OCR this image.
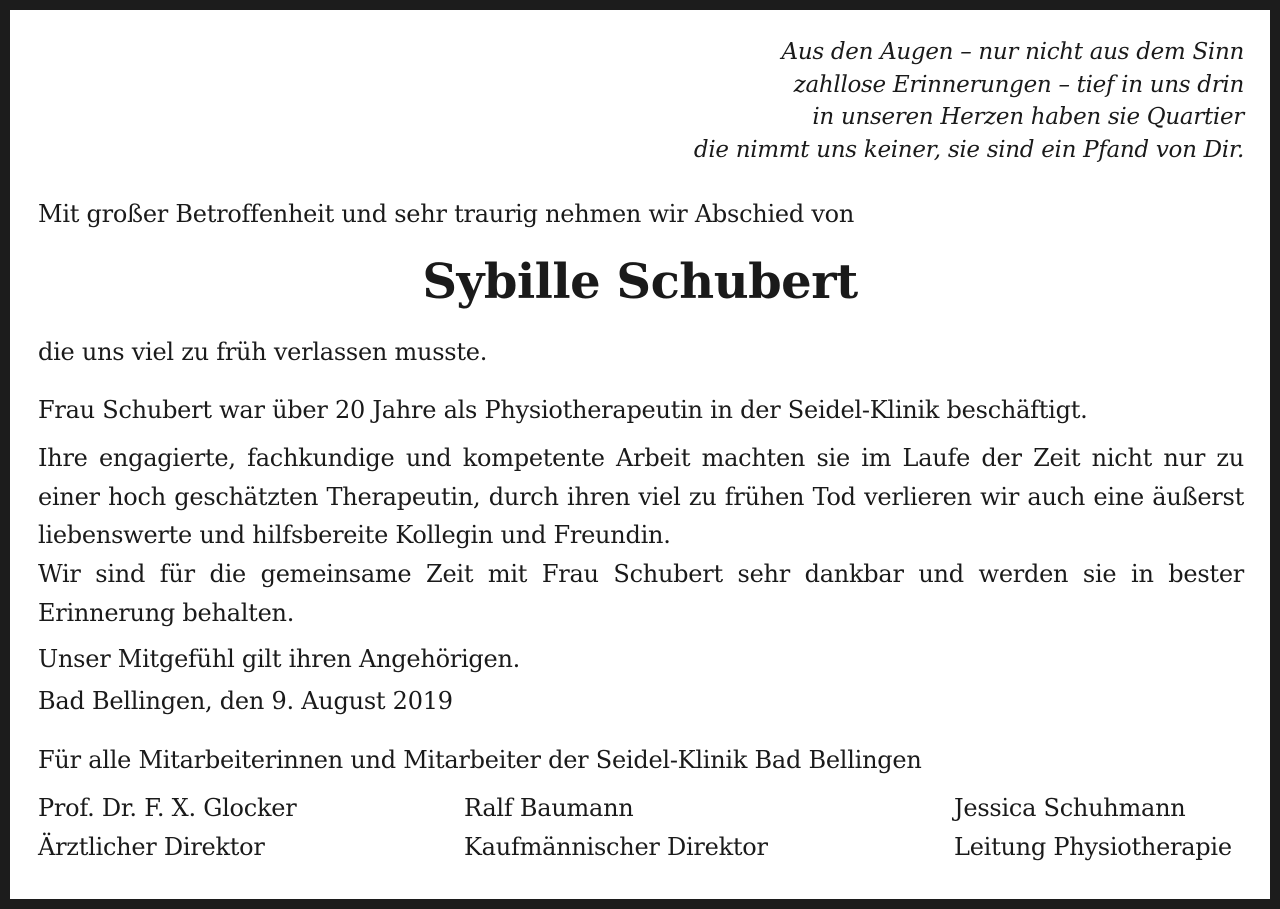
Aus den Augen – nur nicht aus dem Sinn
zahllose Erinnerungen – tief in uns drin
in unseren Herzen haben sie Quartier
die nimmt uns keiner, sie sind ein Pfand von Dir.
Mit großer Betroffenheit und sehr traurig nehmen wir Abschied von
Sybille Schubert
die uns viel zu früh verlassen musste.
Frau Schubert war über 20 Jahre als Physiotherapeutin in der Seidel-Klinik beschäftigt.
Ihre engagierte, fachkundige und kompetente Arbeit machten sie im Laufe der Zeit nicht nur zu einer hoch geschätzten Therapeutin, durch ihren viel zu frühen Tod verlieren wir auch eine äußerst liebenswerte und hilfsbereite Kollegin und Freundin.
Wir sind für die gemeinsame Zeit mit Frau Schubert sehr dankbar und werden sie in bester Erinnerung behalten.
Unser Mitgefühl gilt ihren Angehörigen.
Bad Bellingen, den 9. August 2019
Für alle Mitarbeiterinnen und Mitarbeiter der Seidel-Klinik Bad Bellingen
Prof. Dr. F. X. Glocker
Ärztlicher Direktor
Ralf Baumann
Kaufmännischer Direktor
Jessica Schuhmann
Leitung Physiotherapie
